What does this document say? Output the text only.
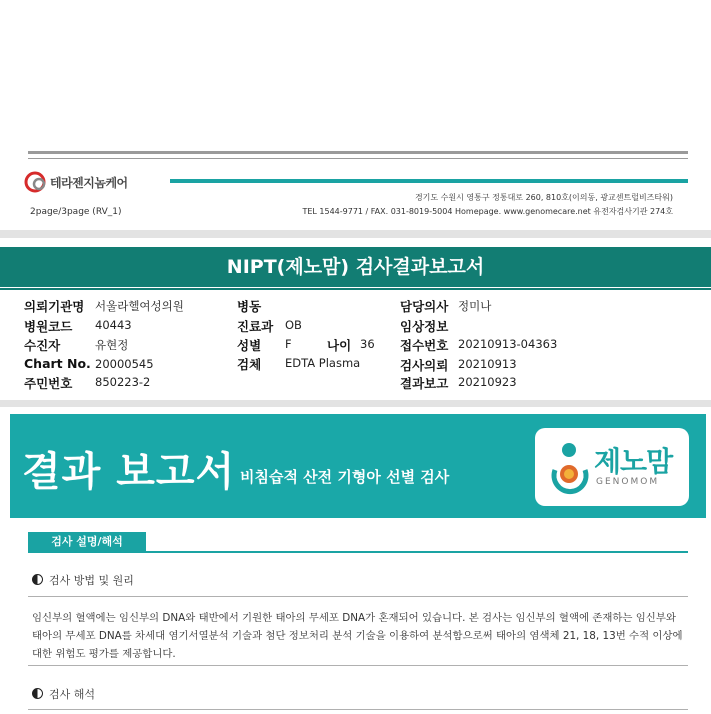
테라젠지놈케어
경기도 수원시 영통구 정통대로 260, 810호(이의동, 광교센트럴비즈타워)
TEL 1544-9771 / FAX. 031-8019-5004 Homepage. www.genomecare.net 유전자검사기관 274호
2page/3page (RV_1)
NIPT(제노맘) 검사결과보고서
의뢰기관명 서울라헬여성의원
병원코드 40443
수진자	유현정
Chart No. 20000545
주민번호 850223-2
병동
진료과 OB
성별 F	나이 36
검체 EDTA Plasma
담당의사 정미나
임상정보
접수번호 20210913-04363
검사의뢰 20210913
결과보고 20210923
결과 보고서 비침습적 산전 기형아 선별 검사	제노맘
GENOMOM
검사 설명/해석
검사 방법 및 원리
임신부의 혈액에는 임신부의 DNA와 태반에서 기원한 태아의 무세포 DNA가 혼재되어 있습니다. 본 검사는 임신부의 혈액에 존재하는 임신부와 태아의 무세포 DNA를 차세대 염기서열분석 기술과 첨단 정보처리 분석 기술을 이용하여 분석함으로써 태아의 염색체 21, 18, 13번 수적 이상에 대한 위험도 평가를 제공합니다.
검사 해석
